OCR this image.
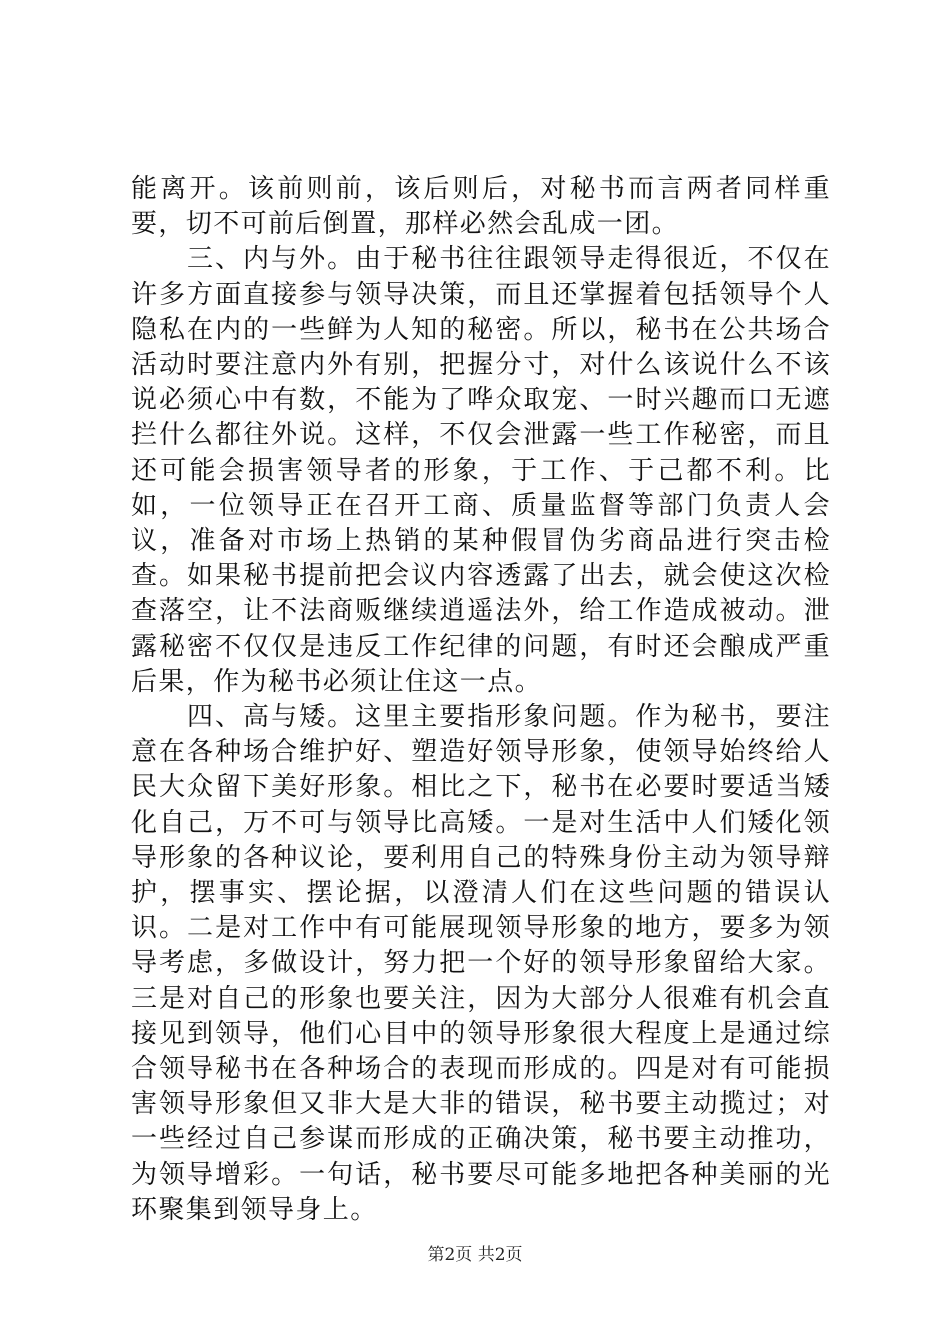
能离开。该前则前，该后则后，对秘书而言两者同样重要，切不可前后倒置，那样必然会乱成一团。

三、内与外。由于秘书往往跟领导走得很近，不仅在许多方面直接参与领导决策，而且还掌握着包括领导个人隐私在内的一些鲜为人知的秘密。所以，秘书在公共场合活动时要注意内外有别，把握分寸，对什么该说什么不该说必须心中有数，不能为了哗众取宠、一时兴趣而口无遮拦什么都往外说。这样，不仅会泄露一些工作秘密，而且还可能会损害领导者的形象，于工作、于己都不利。比如，一位领导正在召开工商、质量监督等部门负责人会议，准备对市场上热销的某种假冒伪劣商品进行突击检查。如果秘书提前把会议内容透露了出去，就会使这次检查落空，让不法商贩继续逍遥法外，给工作造成被动。泄露秘密不仅仅是违反工作纪律的问题，有时还会酿成严重后果，作为秘书必须让住这一点。

四、高与矮。这里主要指形象问题。作为秘书，要注意在各种场合维护好、塑造好领导形象，使领导始终给人民大众留下美好形象。相比之下，秘书在必要时要适当矮化自己，万不可与领导比高矮。一是对生活中人们矮化领导形象的各种议论，要利用自己的特殊身份主动为领导辩护，摆事实、摆论据，以澄清人们在这些问题的错误认识。二是对工作中有可能展现领导形象的地方，要多为领导考虑，多做设计，努力把一个好的领导形象留给大家。三是对自己的形象也要关注，因为大部分人很难有机会直接见到领导，他们心目中的领导形象很大程度上是通过综合领导秘书在各种场合的表现而形成的。四是对有可能损害领导形象但又非大是大非的错误，秘书要主动揽过；对一些经过自己参谋而形成的正确决策，秘书要主动推功，为领导增彩。一句话，秘书要尽可能多地把各种美丽的光环聚集到领导身上。

第2页 共2页
